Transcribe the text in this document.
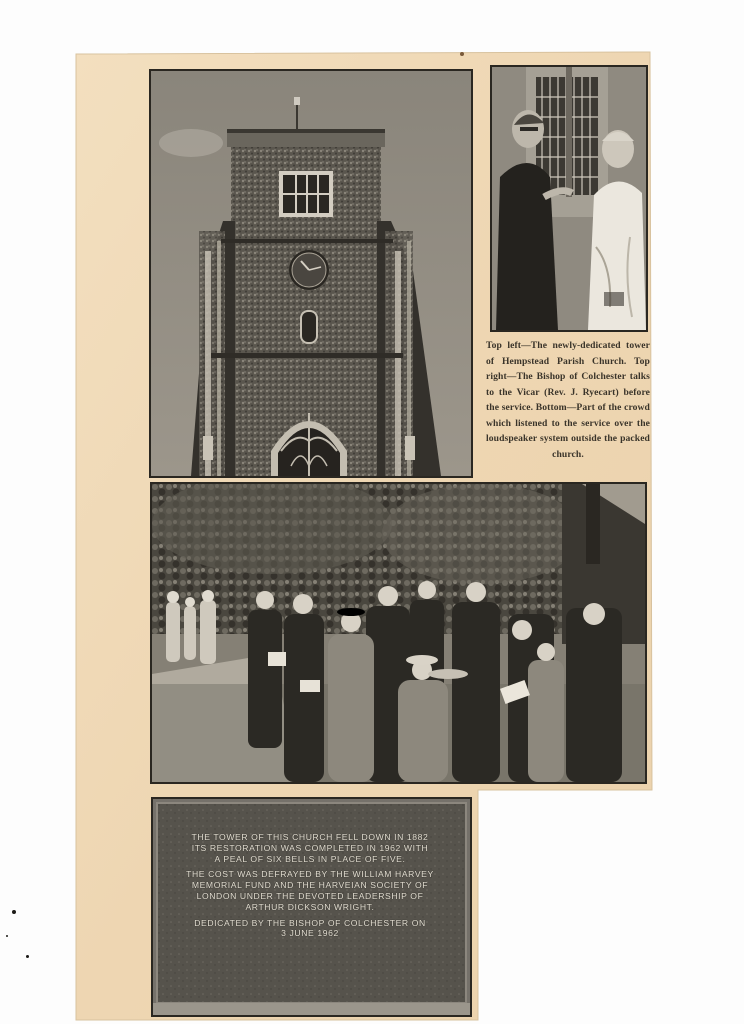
Top left—The newly-dedicated tower of Hempstead Parish Church. Top right—The Bishop of Colchester talks to the Vicar (Rev. J. Ryecart) before the service. Bottom—Part of the crowd which listened to the service over the loudspeaker system outside the packed church.

THE TOWER OF THIS CHURCH FELL DOWN IN 1882
ITS RESTORATION WAS COMPLETED IN 1962 WITH
A PEAL OF SIX BELLS IN PLACE OF FIVE.

THE COST WAS DEFRAYED BY THE WILLIAM HARVEY
MEMORIAL FUND AND THE HARVEIAN SOCIETY OF
LONDON UNDER THE DEVOTED LEADERSHIP OF
ARTHUR DICKSON WRIGHT.

DEDICATED BY THE BISHOP OF COLCHESTER ON
3 JUNE 1962
